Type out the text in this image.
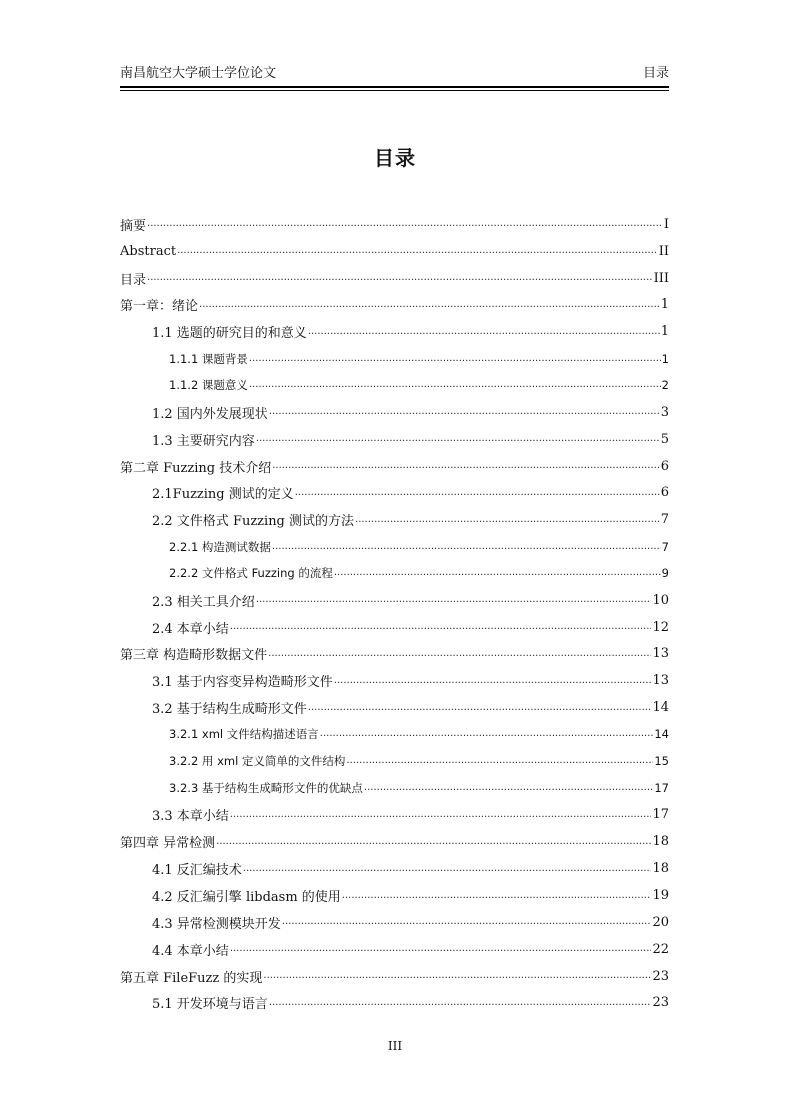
南昌航空大学硕士学位论文	目录
目录
摘要 .....	I
Abstract .....	II
目录 .....	III
第一章：绪论 .....	1
1.1 选题的研究目的和意义 .....	1
1.1.1 课题背景 .....	1
1.1.2 课题意义 .....	2
1.2 国内外发展现状 .....	3
1.3 主要研究内容 .....	5
第二章 Fuzzing 技术介绍 .....	6
2.1Fuzzing 测试的定义 .....	6
2.2 文件格式 Fuzzing 测试的方法 .....	7
2.2.1 构造测试数据 .....	7
2.2.2 文件格式 Fuzzing 的流程 .....	9
2.3 相关工具介绍 .....	10
2.4 本章小结 .....	12
第三章 构造畸形数据文件 .....	13
3.1 基于内容变异构造畸形文件 .....	13
3.2 基于结构生成畸形文件 .....	14
3.2.1 xml 文件结构描述语言 .....	14
3.2.2 用 xml 定义简单的文件结构 .....	15
3.2.3 基于结构生成畸形文件的优缺点 .....	17
3.3 本章小结 .....	17
第四章 异常检测 .....	18
4.1 反汇编技术 .....	18
4.2 反汇编引擎 libdasm 的使用 .....	19
4.3 异常检测模块开发 .....	20
4.4 本章小结 .....	22
第五章 FileFuzz 的实现 .....	23
5.1 开发环境与语言 .....	23
III
